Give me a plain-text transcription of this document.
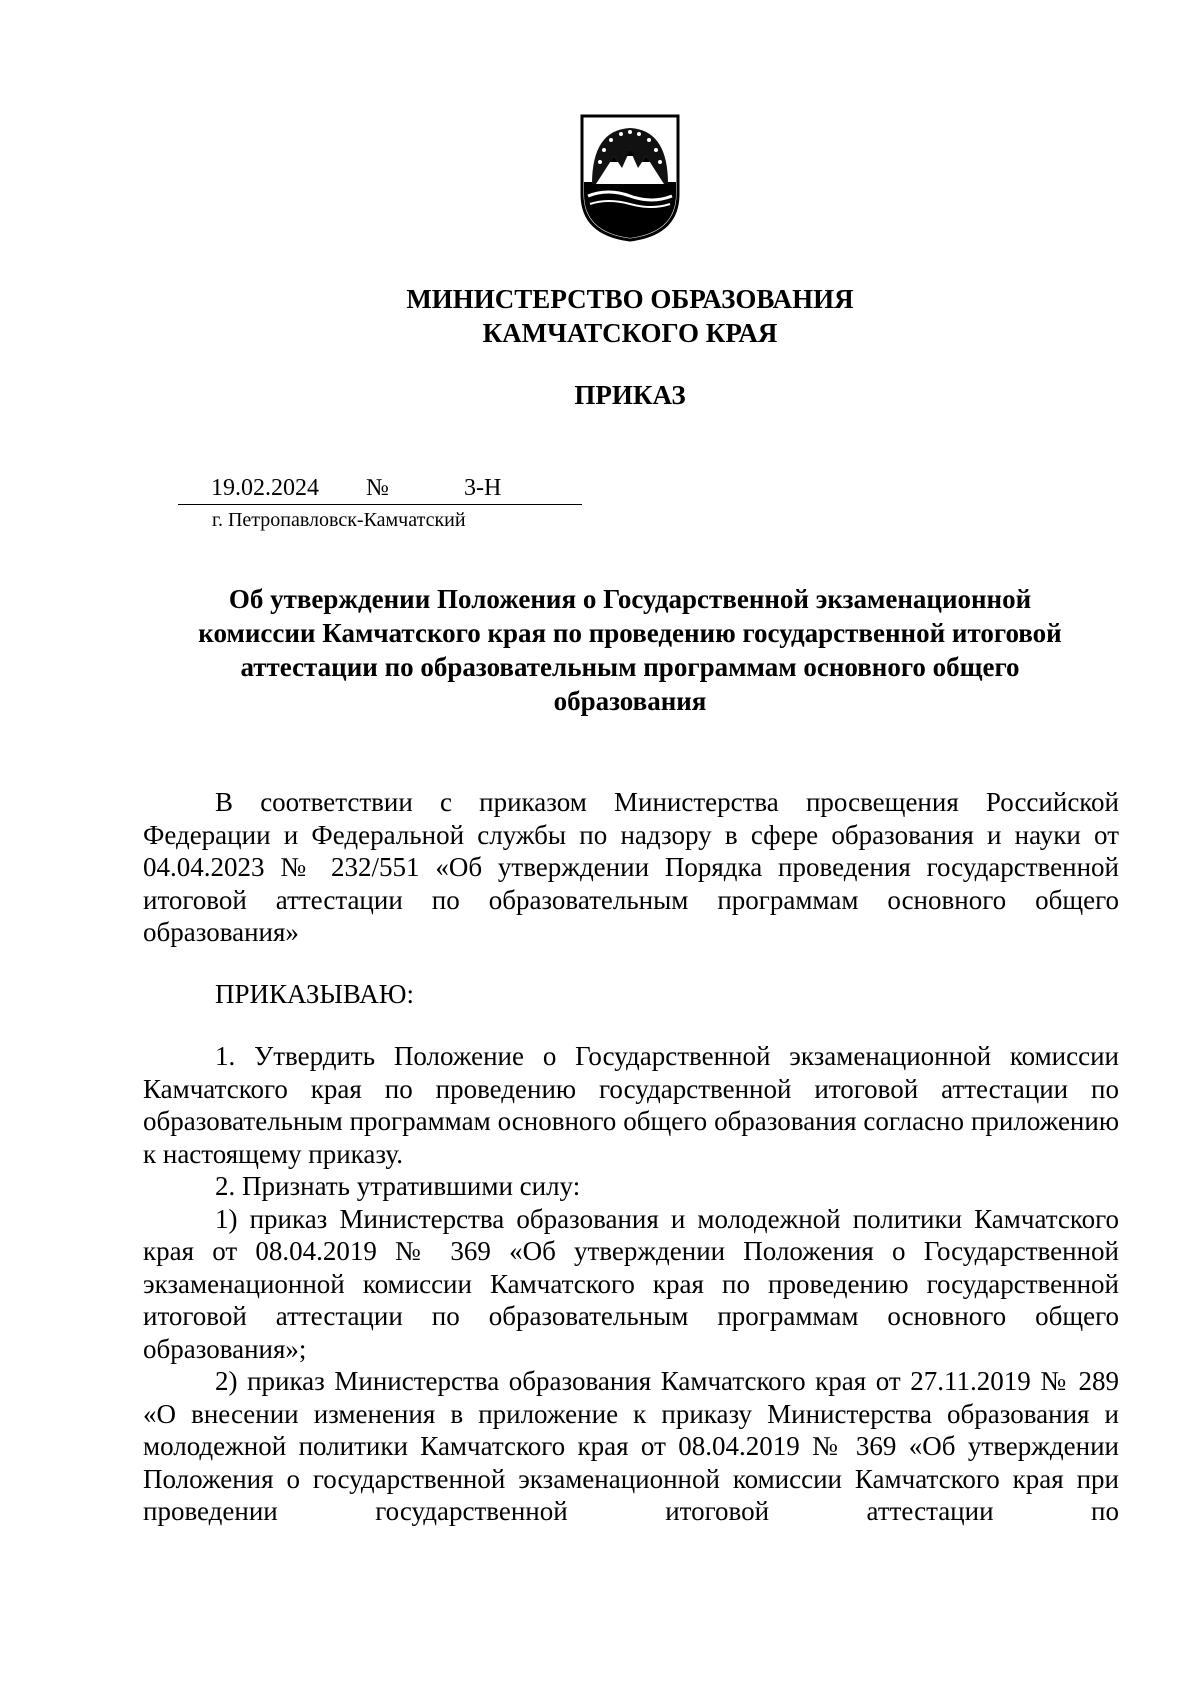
МИНИСТЕРСТВО ОБРАЗОВАНИЯ
КАМЧАТСКОГО КРАЯ
ПРИКАЗ
19.02.2024 №	3-Н
г. Петропавловск-Камчатский
Об утверждении Положения о Государственной экзаменационной
комиссии Камчатского края по проведению государственной итоговой
аттестации по образовательным программам основного общего
образования

В соответствии с приказом Министерства просвещения Российской Федерации и Федеральной службы по надзору в сфере образования и науки от 04.04.2023 № 232/551 «Об утверждении Порядка проведения государственной итоговой аттестации по образовательным программам основного общего образования»

ПРИКАЗЫВАЮ:

1. Утвердить Положение о Государственной экзаменационной комиссии Камчатского края по проведению государственной итоговой аттестации по образовательным программам основного общего образования согласно приложению к настоящему приказу.

2. Признать утратившими силу:

1) приказ Министерства образования и молодежной политики Камчатского края от 08.04.2019 № 369 «Об утверждении Положения о Государственной экзаменационной комиссии Камчатского края по проведению государственной итоговой аттестации по образовательным программам основного общего образования»;

2) приказ Министерства образования Камчатского края от 27.11.2019 № 289 «О внесении изменения в приложение к приказу Министерства образования и молодежной политики Камчатского края от 08.04.2019 № 369 «Об утверждении Положения о государственной экзаменационной комиссии Камчатского края при проведении государственной итоговой аттестации по
